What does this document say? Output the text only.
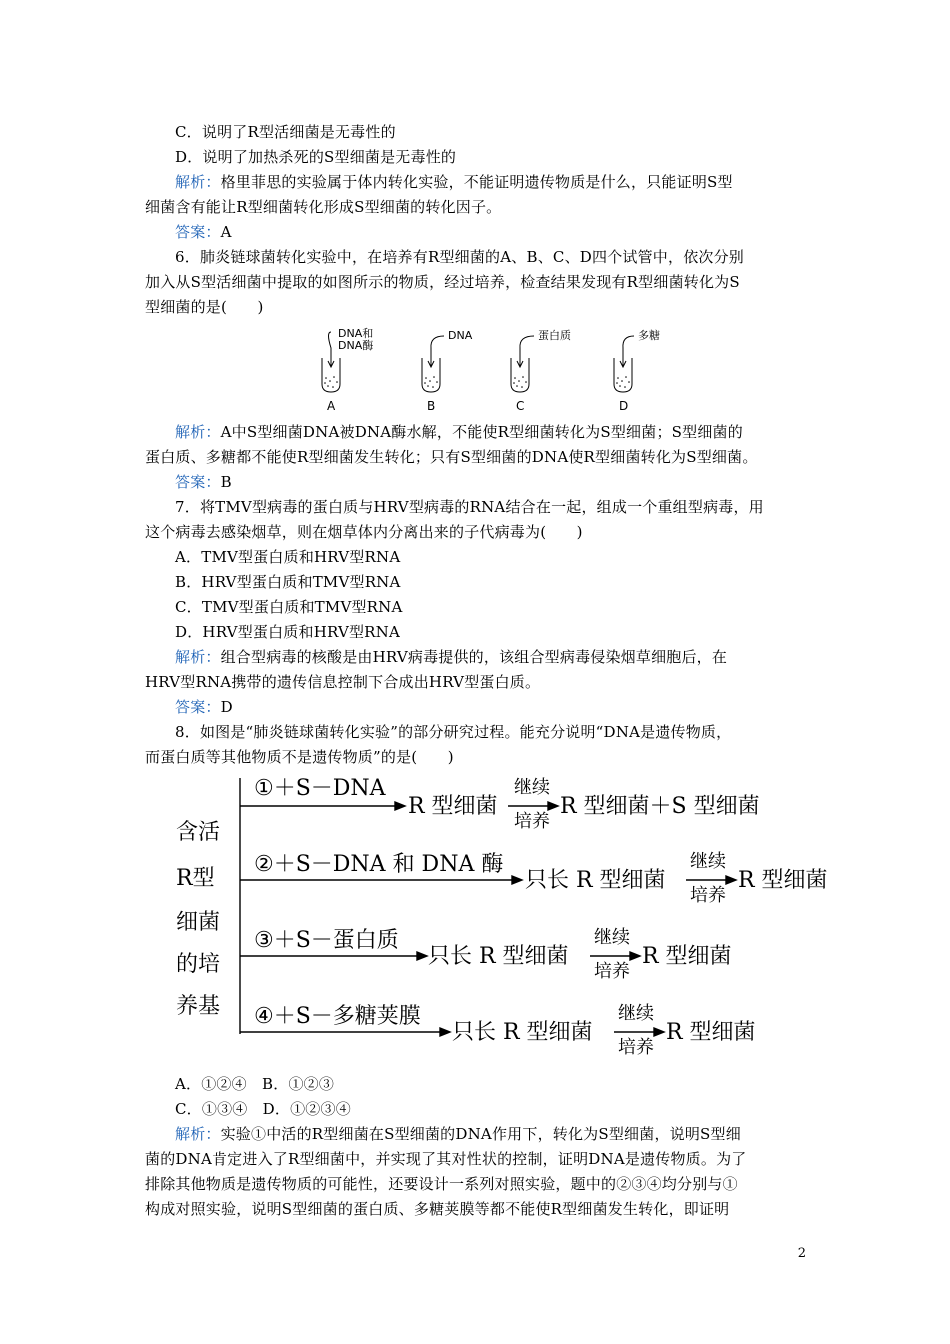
C．说明了R型活细菌是无毒性的
D．说明了加热杀死的S型细菌是无毒性的
解析：格里菲思的实验属于体内转化实验，不能证明遗传物质是什么，只能证明S型
细菌含有能让R型细菌转化形成S型细菌的转化因子。
答案：A
6．肺炎链球菌转化实验中，在培养有R型细菌的A、B、C、D四个试管中，依次分别
加入从S型活细菌中提取的如图所示的物质，经过培养，检查结果发现有R型细菌转化为S
型细菌的是(　　)
DNA和
DNA酶
DNA	蛋白质	多糖
A	B	C	D
解析：A中S型细菌DNA被DNA酶水解，不能使R型细菌转化为S型细菌；S型细菌的
蛋白质、多糖都不能使R型细菌发生转化；只有S型细菌的DNA使R型细菌转化为S型细菌。
答案：B
7．将TMV型病毒的蛋白质与HRV型病毒的RNA结合在一起，组成一个重组型病毒，用
这个病毒去感染烟草，则在烟草体内分离出来的子代病毒为(　　)
A．TMV型蛋白质和HRV型RNA
B．HRV型蛋白质和TMV型RNA
C．TMV型蛋白质和TMV型RNA
D．HRV型蛋白质和HRV型RNA
解析：组合型病毒的核酸是由HRV病毒提供的，该组合型病毒侵染烟草细胞后，在
HRV型RNA携带的遗传信息控制下合成出HRV型蛋白质。
答案：D
8．如图是“肺炎链球菌转化实验”的部分研究过程。能充分说明“DNA是遗传物质，
而蛋白质等其他物质不是遗传物质”的是(　　)
含活
R型
细菌
的培
养基
①＋S－DNA
R 型细菌
继续
培养
R 型细菌＋S 型细菌
②＋S－DNA 和 DNA 酶
只长 R 型细菌
继续
培养
R 型细菌
③＋S－蛋白质
只长 R 型细菌
继续
培养
R 型细菌
④＋S－多糖荚膜
只长 R 型细菌
继续
培养
R 型细菌
A．①②④　B．①②③
C．①③④　D．①②③④
解析：实验①中活的R型细菌在S型细菌的DNA作用下，转化为S型细菌，说明S型细
菌的DNA肯定进入了R型细菌中，并实现了其对性状的控制，证明DNA是遗传物质。为了
排除其他物质是遗传物质的可能性，还要设计一系列对照实验，题中的②③④均分别与①
构成对照实验，说明S型细菌的蛋白质、多糖荚膜等都不能使R型细菌发生转化，即证明
2
